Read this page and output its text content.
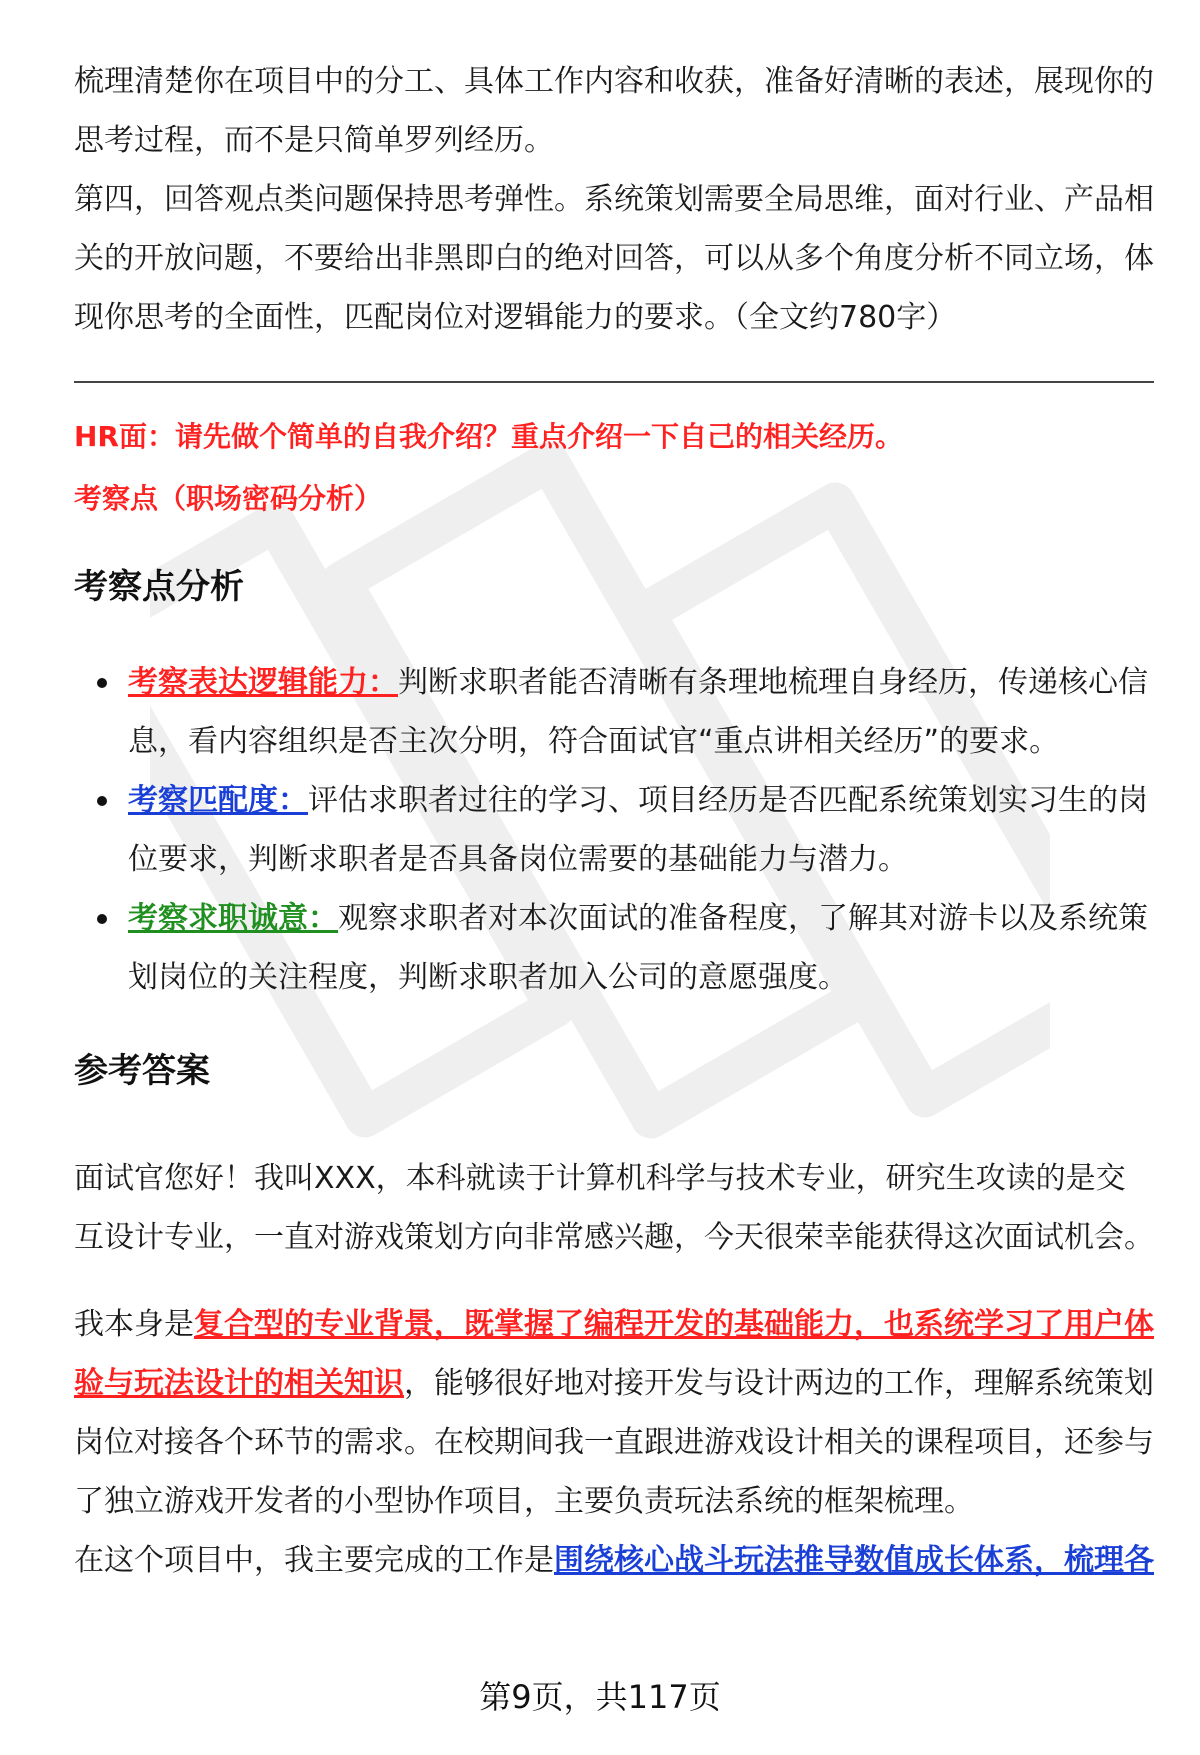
梳理清楚你在项目中的分工、具体工作内容和收获，准备好清晰的表述，展现你的思考过程，而不是只简单罗列经历。

第四，回答观点类问题保持思考弹性。系统策划需要全局思维，面对行业、产品相关的开放问题，不要给出非黑即白的绝对回答，可以从多个角度分析不同立场，体现你思考的全面性，匹配岗位对逻辑能力的要求。（全文约780字）

HR面：请先做个简单的自我介绍？重点介绍一下自己的相关经历。

考察点（职场密码分析）

考察点分析
考察表达逻辑能力：判断求职者能否清晰有条理地梳理自身经历，传递核心信息，看内容组织是否主次分明，符合面试官“重点讲相关经历”的要求。
考察匹配度：评估求职者过往的学习、项目经历是否匹配系统策划实习生的岗位要求，判断求职者是否具备岗位需要的基础能力与潜力。
考察求职诚意：观察求职者对本次面试的准备程度，了解其对游卡以及系统策划岗位的关注程度，判断求职者加入公司的意愿强度。
参考答案

面试官您好！我叫XXX，本科就读于计算机科学与技术专业，研究生攻读的是交互设计专业，一直对游戏策划方向非常感兴趣，今天很荣幸能获得这次面试机会。

我本身是复合型的专业背景，既掌握了编程开发的基础能力，也系统学习了用户体验与玩法设计的相关知识，能够很好地对接开发与设计两边的工作，理解系统策划岗位对接各个环节的需求。在校期间我一直跟进游戏设计相关的课程项目，还参与了独立游戏开发者的小型协作项目，主要负责玩法系统的框架梳理。

在这个项目中，我主要完成的工作是围绕核心战斗玩法推导数值成长体系，梳理各

第9页，共117页
